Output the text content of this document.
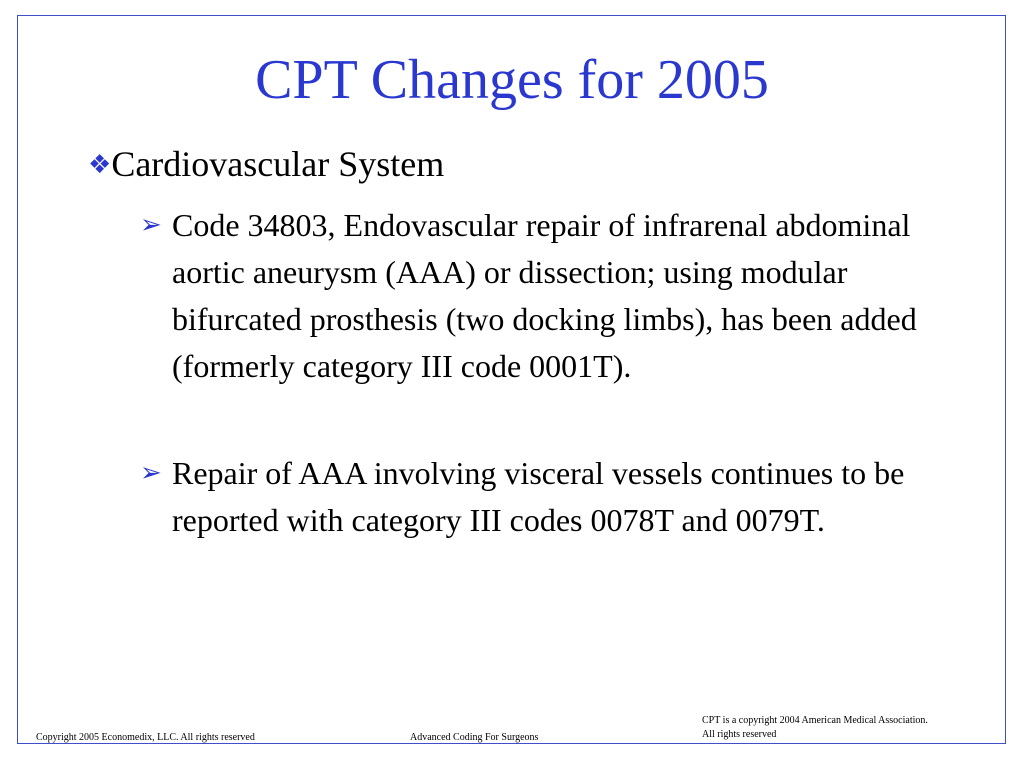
CPT Changes for 2005
❖Cardiovascular System
➢ Code 34803, Endovascular repair of infrarenal abdominal aortic aneurysm (AAA) or dissection; using modular bifurcated prosthesis (two docking limbs), has been added (formerly category III code 0001T).
➢ Repair of AAA involving visceral vessels continues to be reported with category III codes 0078T and 0079T.
Copyright 2005 Economedix, LLC. All rights reserved	Advanced Coding For Surgeons
CPT is a copyright 2004 American Medical Association.
All rights reserved
